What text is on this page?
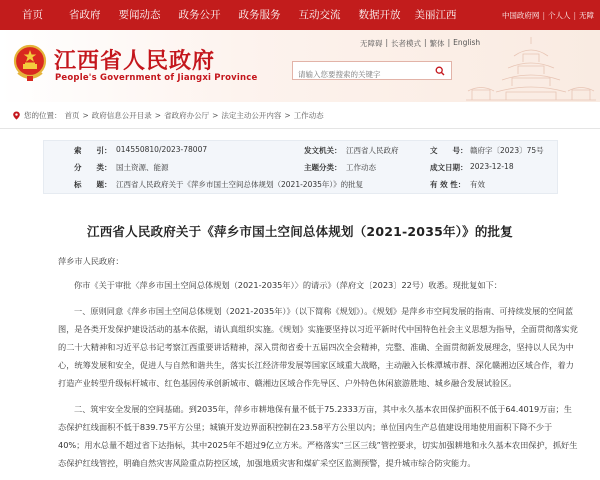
首页 省政府 要闻动态 政务公开 政务服务 互动交流 数据开放 美丽江西	中国政府网 | 个人人 | 无障
江西省人民政府
People's Government of Jiangxi Province
无障碍 | 长者模式 | 繁体 | English
请输入您要搜索的关键字
您的位置： 首页 > 政府信息公开目录 > 省政府办公厅 > 法定主动公开内容 > 工作动态
索　　引： 014550810/2023-78007	发文机关： 江西省人民政府	文　　号： 赣府字〔2023〕75号
分　　类： 国土资源、能源	主题分类： 工作动态	成文日期： 2023-12-18
标　　题： 江西省人民政府关于《萍乡市国土空间总体规划（2021-2035年）》的批复	有 效 性： 有效
江西省人民政府关于《萍乡市国土空间总体规划（2021-2035年）》的批复

萍乡市人民政府：

你市《关于审批〈萍乡市国土空间总体规划（2021-2035年）〉的请示》（萍府文〔2023〕22号）收悉。现批复如下：

一、原则同意《萍乡市国土空间总体规划（2021-2035年）》（以下简称《规划》）。《规划》是萍乡市空间发展的指南、可持续发展的空间蓝图，是各类开发保护建设活动的基本依据，请认真组织实施。《规划》实施要坚持以习近平新时代中国特色社会主义思想为指导，全面贯彻落实党的二十大精神和习近平总书记考察江西重要讲话精神，深入贯彻省委十五届四次全会精神，完整、准确、全面贯彻新发展理念，坚持以人民为中心，统筹发展和安全，促进人与自然和谐共生，落实长江经济带发展等国家区域重大战略，主动融入长株潭城市群、深化赣湘边区域合作，着力打造产业转型升级标杆城市、红色基因传承创新城市、赣湘边区域合作先导区、户外特色休闲旅游胜地、城乡融合发展试验区。

二、筑牢安全发展的空间基础。到2035年，萍乡市耕地保有量不低于75.2333万亩，其中永久基本农田保护面积不低于64.4019万亩；生态保护红线面积不低于839.75平方公里；城镇开发边界面积控制在23.58平方公里以内；单位国内生产总值建设用地使用面积下降不少于40%；用水总量不超过省下达指标，其中2025年不超过9亿立方米。严格落实“三区三线”管控要求，切实加强耕地和永久基本农田保护，抓好生态保护红线管控，明确自然灾害风险重点防控区域，加强地质灾害和煤矿采空区监测预警，提升城市综合防灾能力。
